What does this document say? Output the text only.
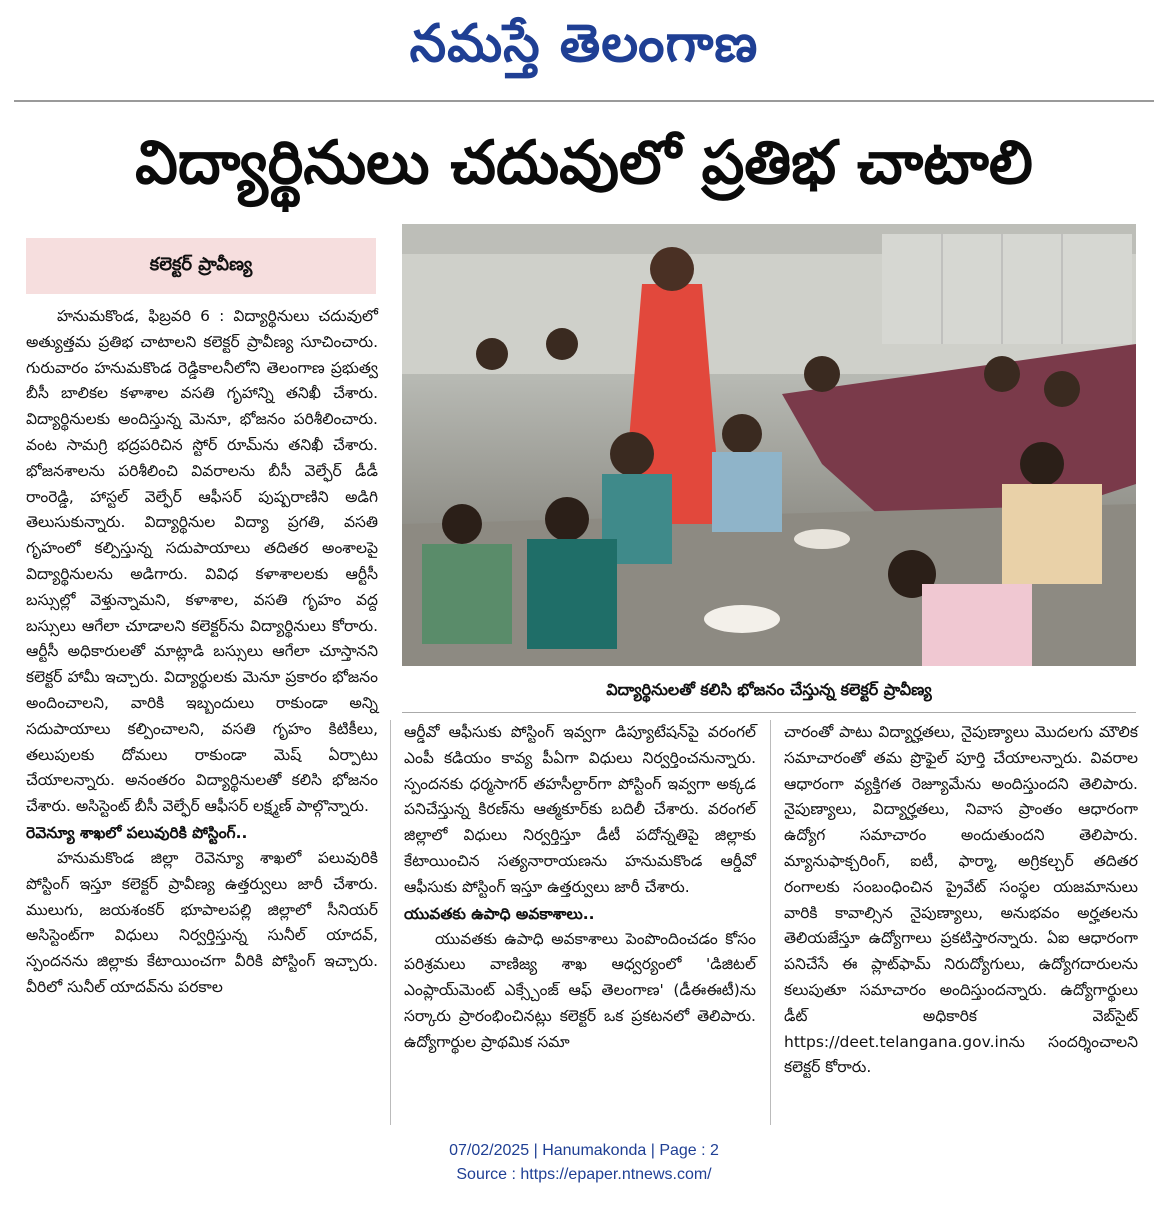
నమస్తే తెలంగాణ
విద్యార్థినులు చదువులో ప్రతిభ చాటాలి
కలెక్టర్ ప్రావీణ్య

హనుమకొండ, ఫిబ్రవరి 6 : విద్యార్థినులు చదువులో అత్యుత్తమ ప్రతిభ చాటాలని కలెక్టర్ ప్రావీణ్య సూచించారు. గురువారం హనుమకొండ రెడ్డికాలనీలోని తెలంగాణ ప్రభుత్వ బీసీ బాలికల కళాశాల వసతి గృహాన్ని తనిఖీ చేశారు. విద్యార్థినులకు అందిస్తున్న మెనూ, భోజనం పరిశీలించారు. వంట సామగ్రి భద్రపరిచిన స్టోర్ రూమ్‌ను తనిఖీ చేశారు. భోజనశాలను పరిశీలించి వివరాలను బీసీ వెల్ఫేర్ డీడీ రాంరెడ్డి, హాస్టల్ వెల్ఫేర్ ఆఫీసర్ పుష్పరాణిని అడిగి తెలుసుకున్నారు. విద్యార్థినుల విద్యా ప్రగతి, వసతి గృహంలో కల్పిస్తున్న సదుపాయాలు తదితర అంశాలపై విద్యార్థినులను అడిగారు. వివిధ కళాశాలలకు ఆర్టీసీ బస్సుల్లో వెళ్తున్నామని, కళాశాల, వసతి గృహం వద్ద బస్సులు ఆగేలా చూడాలని కలెక్టర్‌ను విద్యార్థినులు కోరారు. ఆర్టీసీ అధికారులతో మాట్లాడి బస్సులు ఆగేలా చూస్తానని కలెక్టర్ హామీ ఇచ్చారు. విద్యార్థులకు మెనూ ప్రకారం భోజనం అందించాలని, వారికి ఇబ్బందులు రాకుండా అన్ని సదుపాయాలు కల్పించాలని, వసతి గృహం కిటికీలు, తలుపులకు దోమలు రాకుండా మెష్ ఏర్పాటు చేయాలన్నారు. అనంతరం విద్యార్థినులతో కలిసి భోజనం చేశారు. అసిస్టెంట్ బీసీ వెల్ఫేర్ ఆఫీసర్ లక్ష్మణ్ పాల్గొన్నారు.

రెవెన్యూ శాఖలో పలువురికి పోస్టింగ్..

హనుమకొండ జిల్లా రెవెన్యూ శాఖలో పలువురికి పోస్టింగ్ ఇస్తూ కలెక్టర్ ప్రావీణ్య ఉత్తర్వులు జారీ చేశారు. ములుగు, జయశంకర్ భూపాలపల్లి జిల్లాలో సీనియర్ అసిస్టెంట్‌గా విధులు నిర్వర్తిస్తున్న సునీల్ యాదవ్, స్పందనను జిల్లాకు కేటాయించగా వీరికి పోస్టింగ్ ఇచ్చారు. వీరిలో సునీల్ యాదవ్‌ను పరకాల

విద్యార్థినులతో కలిసి భోజనం చేస్తున్న కలెక్టర్ ప్రావీణ్య

ఆర్డీవో ఆఫీసుకు పోస్టింగ్ ఇవ్వగా డిప్యూటేషన్‌పై వరంగల్ ఎంపీ కడియం కావ్య పీఏగా విధులు నిర్వర్తించనున్నారు. స్పందనకు ధర్మసాగర్ తహసీల్దార్‌గా పోస్టింగ్ ఇవ్వగా అక్కడ పనిచేస్తున్న కిరణ్‌ను ఆత్మకూర్‌కు బదిలీ చేశారు. వరంగల్ జిల్లాలో విధులు నిర్వర్తిస్తూ డీటీ పదోన్నతిపై జిల్లాకు కేటాయించిన సత్యనారాయణను హనుమకొండ ఆర్డీవో ఆఫీసుకు పోస్టింగ్ ఇస్తూ ఉత్తర్వులు జారీ చేశారు.

యువతకు ఉపాధి అవకాశాలు..

యువతకు ఉపాధి అవకాశాలు పెంపొందించడం కోసం పరిశ్రమలు వాణిజ్య శాఖ ఆధ్వర్యంలో 'డిజిటల్ ఎంప్లాయ్‌మెంట్ ఎక్స్చేంజ్ ఆఫ్ తెలంగాణ' (డీఈఈటీ)ను సర్కారు ప్రారంభించినట్లు కలెక్టర్ ఒక ప్రకటనలో తెలిపారు. ఉద్యోగార్థుల ప్రాథమిక సమా

చారంతో పాటు విద్యార్హతలు, నైపుణ్యాలు మొదలగు మౌలిక సమాచారంతో తమ ప్రొఫైల్ పూర్తి చేయాలన్నారు. వివరాల ఆధారంగా వ్యక్తిగత రెజ్యూమేను అందిస్తుందని తెలిపారు. నైపుణ్యాలు, విద్యార్హతలు, నివాస ప్రాంతం ఆధారంగా ఉద్యోగ సమాచారం అందుతుందని తెలిపారు. మ్యానుఫాక్చరింగ్, ఐటీ, ఫార్మా, అగ్రికల్చర్ తదితర రంగాలకు సంబంధించిన ప్రైవేట్ సంస్థల యజమానులు వారికి కావాల్సిన నైపుణ్యాలు, అనుభవం అర్హతలను తెలియజేస్తూ ఉద్యోగాలు ప్రకటిస్తారన్నారు. ఏఐ ఆధారంగా పనిచేసే ఈ ప్లాట్‌ఫామ్ నిరుద్యోగులు, ఉద్యోగదారులను కలుపుతూ సమాచారం అందిస్తుందన్నారు. ఉద్యోగార్థులు డీట్ అధికారిక వెబ్‌సైట్ https://deet.telangana.gov.inను సందర్శించాలని కలెక్టర్ కోరారు.

07/02/2025 | Hanumakonda | Page : 2
Source : https://epaper.ntnews.com/
